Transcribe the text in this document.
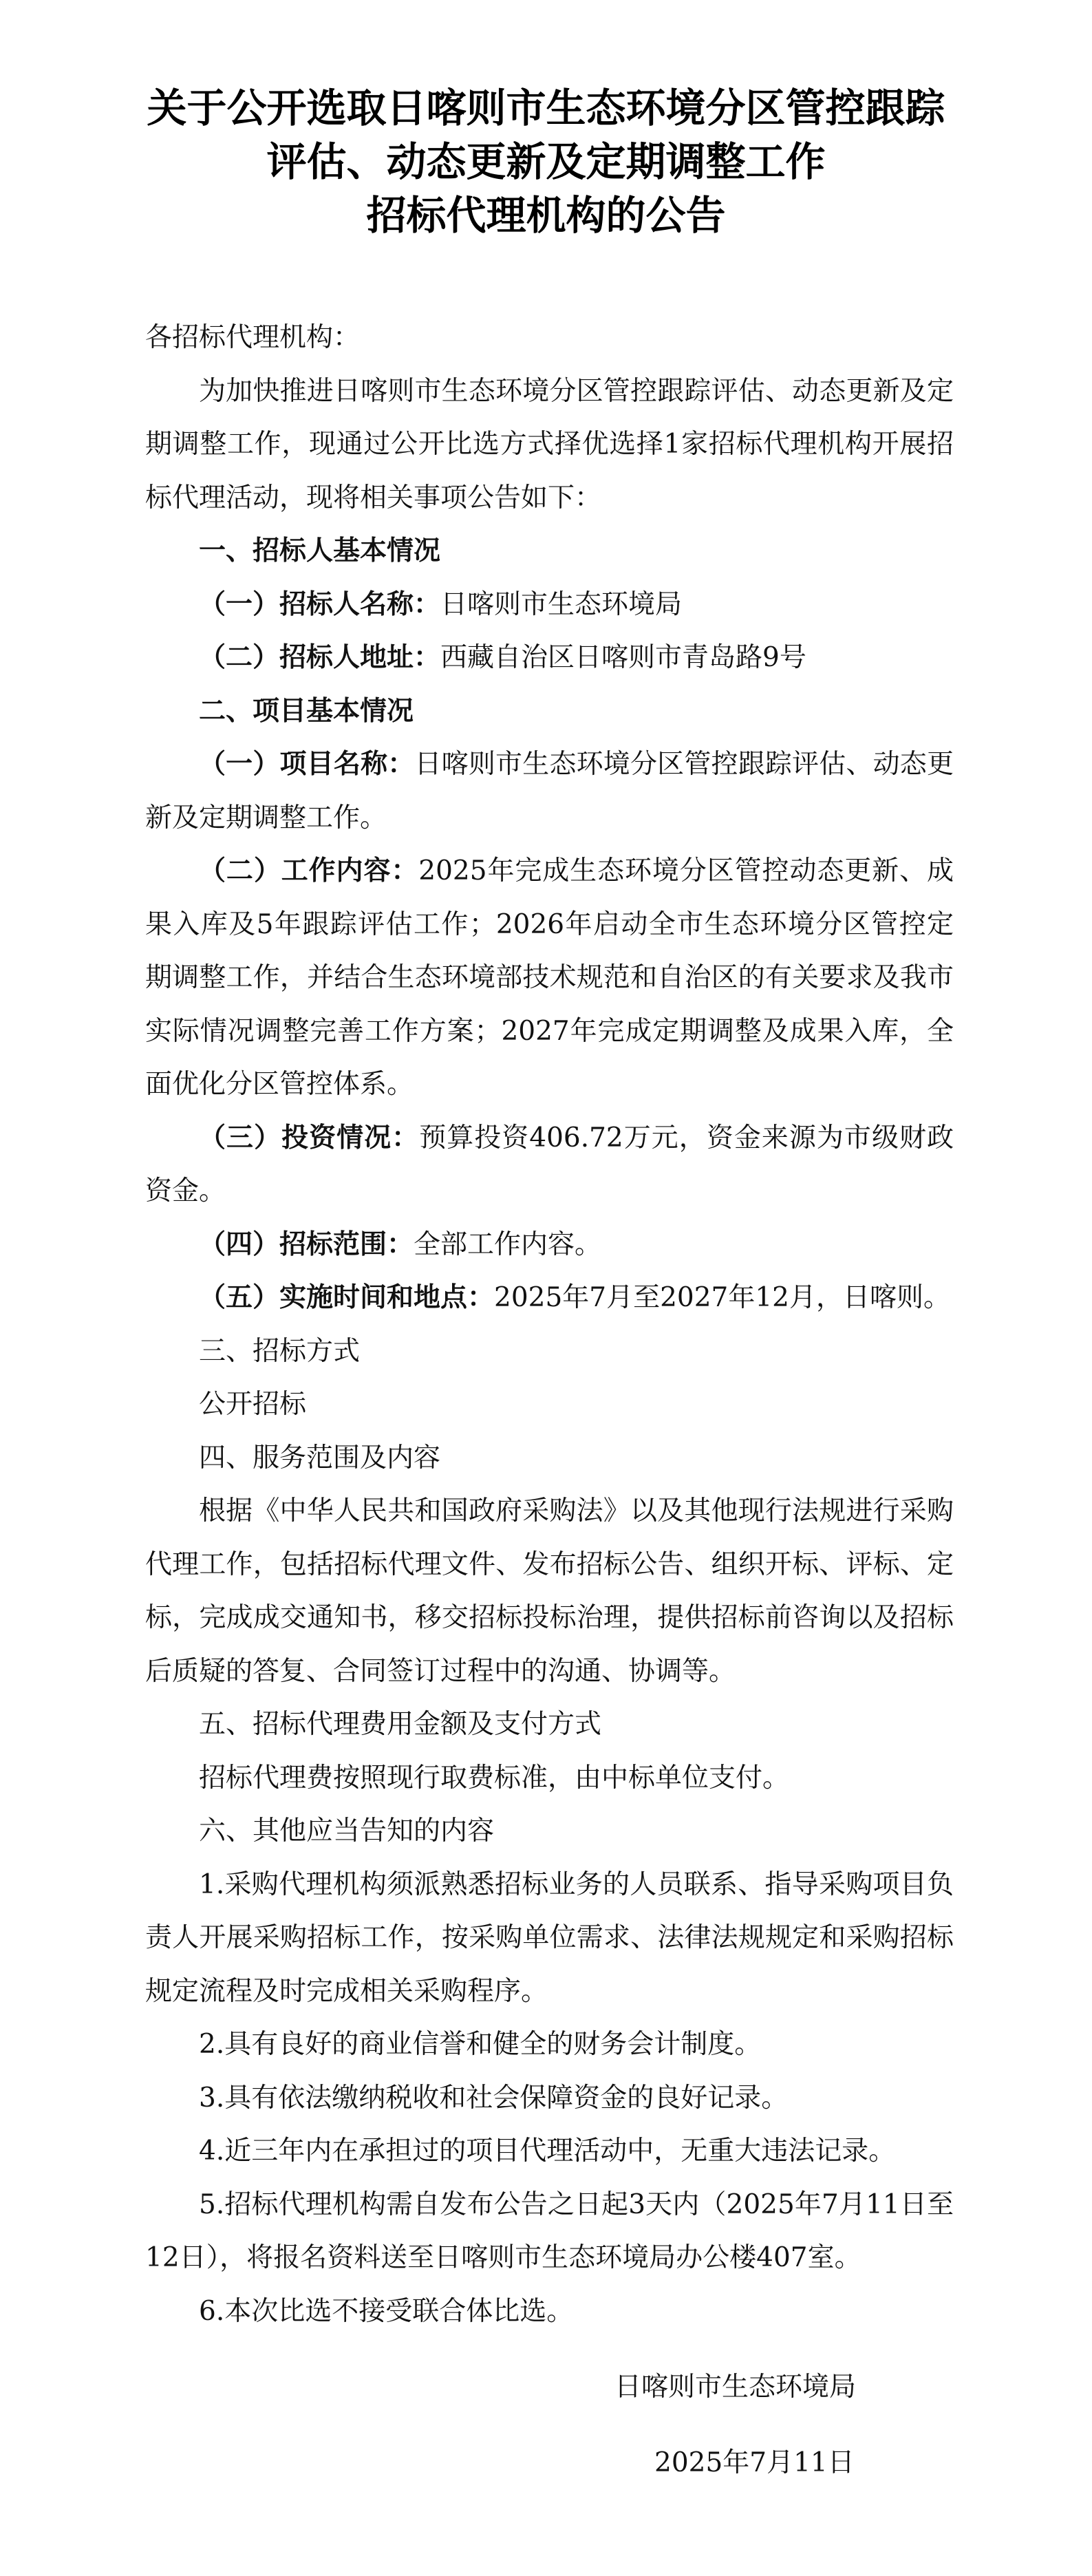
关于公开选取日喀则市生态环境分区管控跟踪
评估、动态更新及定期调整工作
招标代理机构的公告

各招标代理机构：

为加快推进日喀则市生态环境分区管控跟踪评估、动态更新及定期调整工作，现通过公开比选方式择优选择1家招标代理机构开展招标代理活动，现将相关事项公告如下：

一、招标人基本情况

（一）招标人名称：日喀则市生态环境局

（二）招标人地址：西藏自治区日喀则市青岛路9号

二、项目基本情况

（一）项目名称：日喀则市生态环境分区管控跟踪评估、动态更新及定期调整工作。

（二）工作内容：2025年完成生态环境分区管控动态更新、成果入库及5年跟踪评估工作；2026年启动全市生态环境分区管控定期调整工作，并结合生态环境部技术规范和自治区的有关要求及我市实际情况调整完善工作方案；2027年完成定期调整及成果入库，全面优化分区管控体系。

（三）投资情况：预算投资406.72万元，资金来源为市级财政资金。

（四）招标范围：全部工作内容。

（五）实施时间和地点：2025年7月至2027年12月，日喀则。

三、招标方式

公开招标

四、服务范围及内容

根据《中华人民共和国政府采购法》以及其他现行法规进行采购代理工作，包括招标代理文件、发布招标公告、组织开标、评标、定标，完成成交通知书，移交招标投标治理，提供招标前咨询以及招标后质疑的答复、合同签订过程中的沟通、协调等。

五、招标代理费用金额及支付方式

招标代理费按照现行取费标准，由中标单位支付。

六、其他应当告知的内容

1.采购代理机构须派熟悉招标业务的人员联系、指导采购项目负责人开展采购招标工作，按采购单位需求、法律法规规定和采购招标规定流程及时完成相关采购程序。

2.具有良好的商业信誉和健全的财务会计制度。

3.具有依法缴纳税收和社会保障资金的良好记录。

4.近三年内在承担过的项目代理活动中，无重大违法记录。

5.招标代理机构需自发布公告之日起3天内（2025年7月11日至12日），将报名资料送至日喀则市生态环境局办公楼407室。

6.本次比选不接受联合体比选。

日喀则市生态环境局
2025年7月11日
